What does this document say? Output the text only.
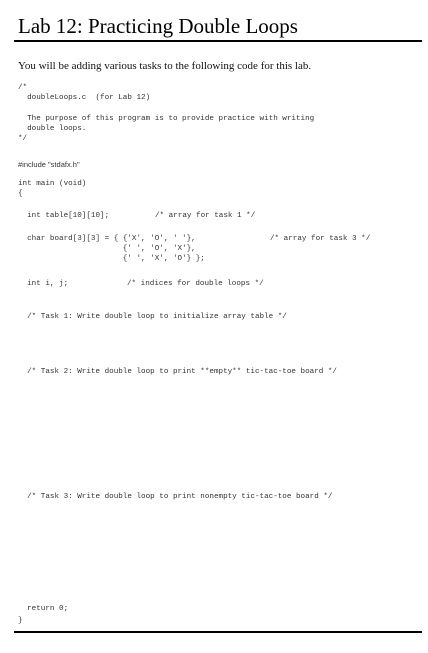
Lab 12: Practicing Double Loops
You will be adding various tasks to the following code for this lab.
/*
doubleLoops.c  (for Lab 12)
The purpose of this program is to provide practice with writing
double loops.
*/
#include "stdafx.h"
int main (void)
{
int table[10][10];	/* array for task 1 */
char board[3][3] = { {'X', 'O', ' '},
{' ', 'O', 'X'},
{' ', 'X', 'O'} };
/* array for task 3 */
int i, j;	/* indices for double loops */
/* Task 1: Write double loop to initialize array table */
/* Task 2: Write double loop to print **empty** tic-tac-toe board */
/* Task 3: Write double loop to print nonempty tic-tac-toe board */
return 0;
}
